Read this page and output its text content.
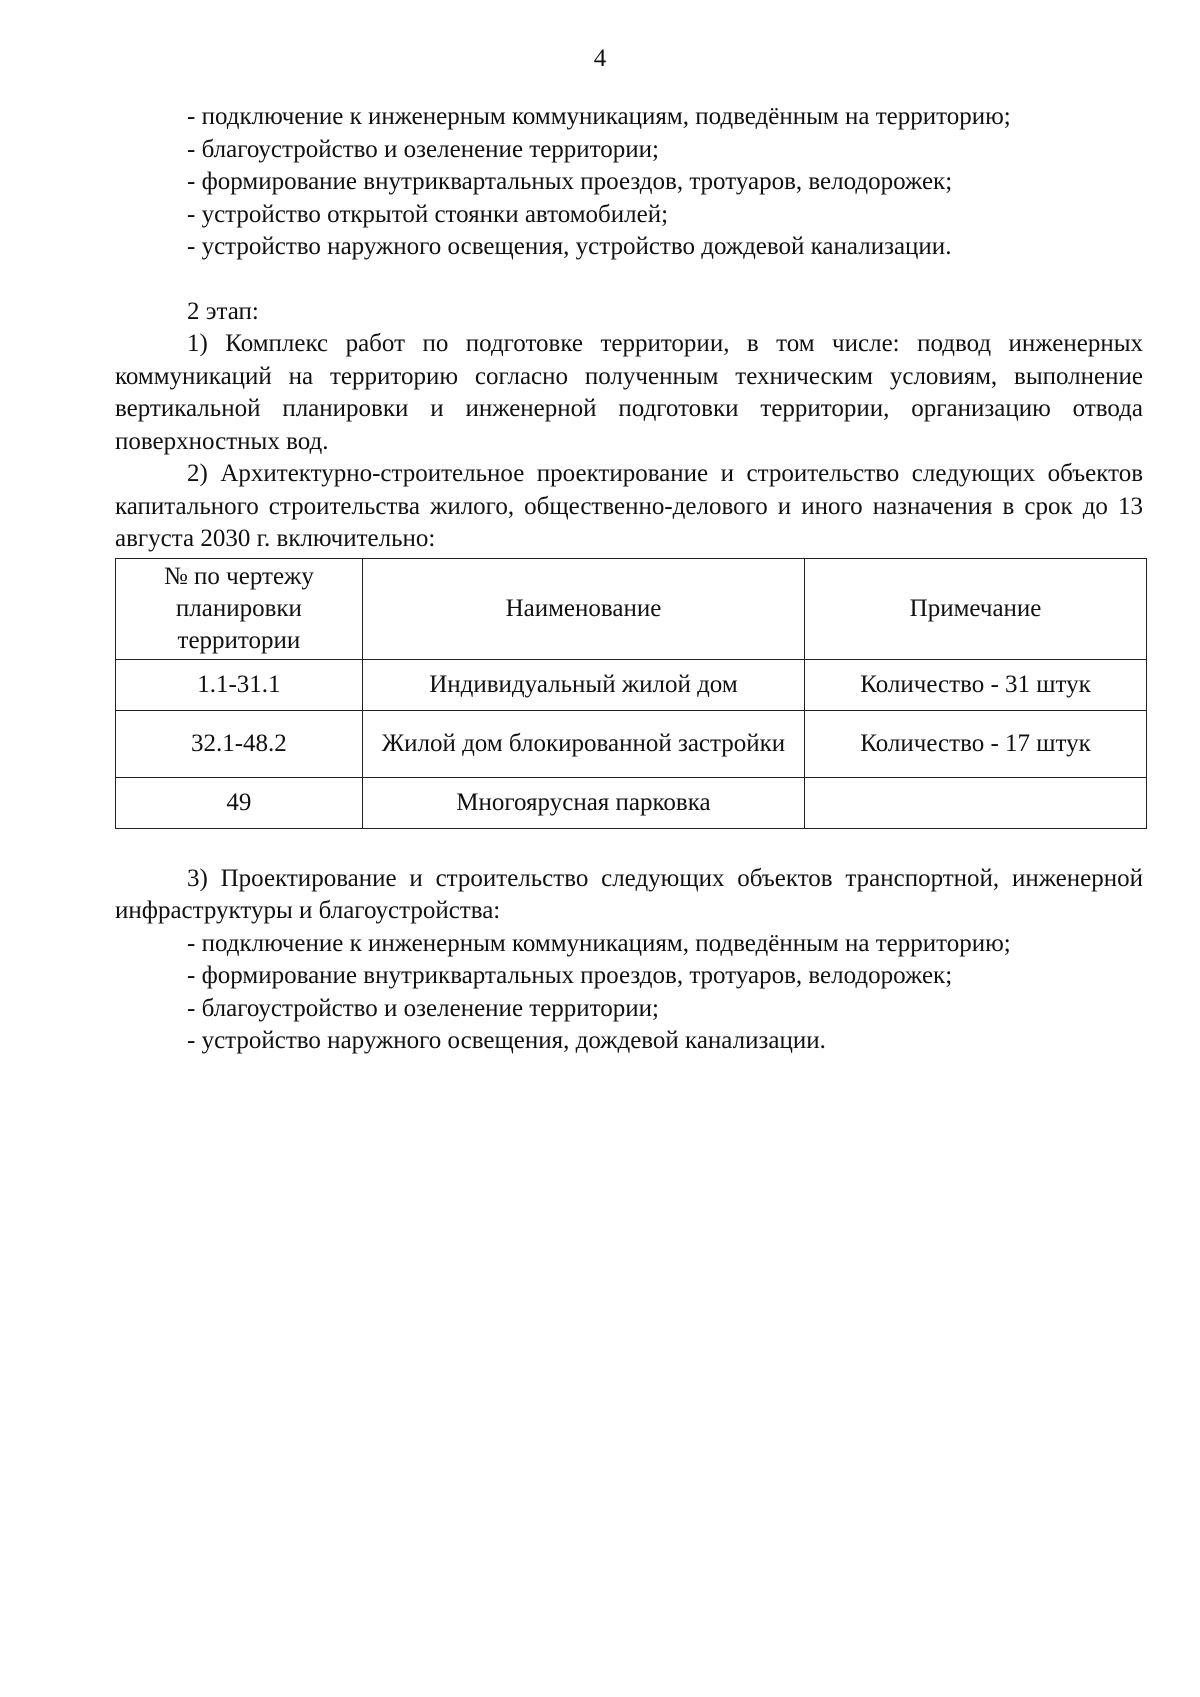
4

- подключение к инженерным коммуникациям, подведённым на территорию;

- благоустройство и озеленение территории;

- формирование внутриквартальных проездов, тротуаров, велодорожек;

- устройство открытой стоянки автомобилей;

- устройство наружного освещения, устройство дождевой канализации.

2 этап:

1) Комплекс работ по подготовке территории, в том числе: подвод инженерных коммуникаций на территорию согласно полученным техническим условиям, выполнение вертикальной планировки и инженерной подготовки территории, организацию отвода поверхностных вод.

2) Архитектурно-строительное проектирование и строительство следующих объектов капитального строительства жилого, общественно-делового и иного назначения в срок до 13 августа 2030 г. включительно:

№ по чертежу планировки территории	Наименование	Примечание
1.1-31.1	Индивидуальный жилой дом	Количество - 31 штук
32.1-48.2	Жилой дом блокированной застройки	Количество - 17 штук
49	Многоярусная парковка	

3) Проектирование и строительство следующих объектов транспортной, инженерной инфраструктуры и благоустройства:

- подключение к инженерным коммуникациям, подведённым на территорию;

- формирование внутриквартальных проездов, тротуаров, велодорожек;

- благоустройство и озеленение территории;

- устройство наружного освещения, дождевой канализации.
